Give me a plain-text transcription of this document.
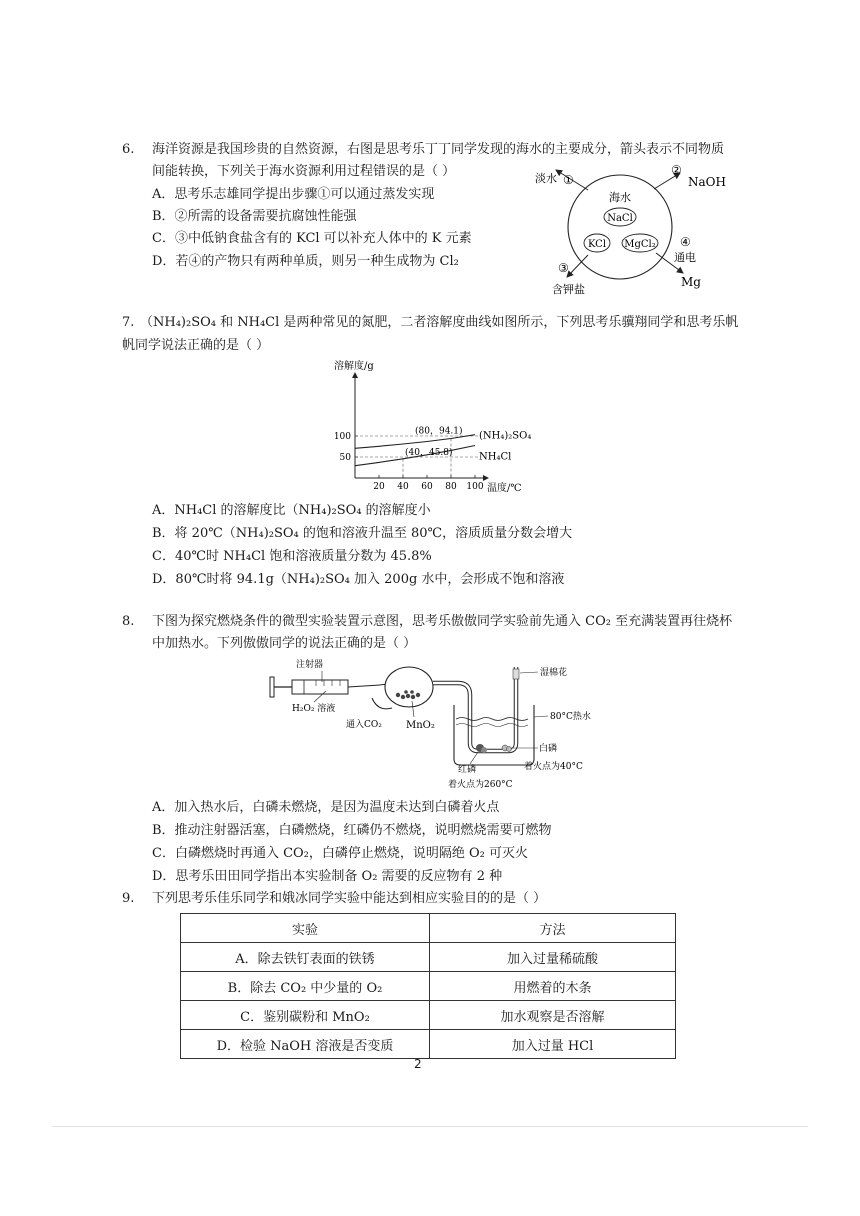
6. 海洋资源是我国珍贵的自然资源，右图是思考乐丁丁同学发现的海水的主要成分，箭头表示不同物质
间能转换，下列关于海水资源利用过程错误的是（ ）
A．思考乐志雄同学提出步骤①可以通过蒸发实现
B．②所需的设备需要抗腐蚀性能强
C．③中低钠食盐含有的 KCl 可以补充人体中的 K 元素
D．若④的产物只有两种单质，则另一种生成物为 Cl₂
海水
NaCl
KCl MgCl₂
淡水 ①
②
NaOH
③
含钾盐
④
通电
Mg
7. （NH₄)₂SO₄ 和 NH₄Cl 是两种常见的氮肥，二者溶解度曲线如图所示，下列思考乐骥翔同学和思考乐帆
帆同学说法正确的是（ ）
溶解度/g
温度/℃
20 40 60 80 100
50
100
(80，94.1)
(40，45.8)
(NH₄)₂SO₄
NH₄Cl
A．NH₄Cl 的溶解度比（NH₄)₂SO₄ 的溶解度小
B．将 20℃（NH₄)₂SO₄ 的饱和溶液升温至 80℃，溶质质量分数会增大
C．40℃时 NH₄Cl 饱和溶液质量分数为 45.8%
D．80℃时将 94.1g（NH₄)₂SO₄ 加入 200g 水中，会形成不饱和溶液
8. 下图为探究燃烧条件的微型实验装置示意图，思考乐傲傲同学实验前先通入 CO₂ 至充满装置再往烧杯
中加热水。下列傲傲同学的说法正确的是（ ）
注射器
H₂O₂ 溶液
通入CO₂ MnO₂
湿棉花
80°C热水
白磷
着火点为40°C
红磷
着火点为260°C
A．加入热水后，白磷未燃烧，是因为温度未达到白磷着火点
B．推动注射器活塞，白磷燃烧，红磷仍不燃烧，说明燃烧需要可燃物
C．白磷燃烧时再通入 CO₂，白磷停止燃烧，说明隔绝 O₂ 可灭火
D．思考乐田田同学指出本实验制备 O₂ 需要的反应物有 2 种
9. 下列思考乐佳乐同学和娥冰同学实验中能达到相应实验目的的是（ ）
实验	方法
A．除去铁钉表面的铁锈	加入过量稀硫酸
B．除去 CO₂ 中少量的 O₂	用燃着的木条
C．鉴别碳粉和 MnO₂	加水观察是否溶解
D．检验 NaOH 溶液是否变质	加入过量 HCl
2
